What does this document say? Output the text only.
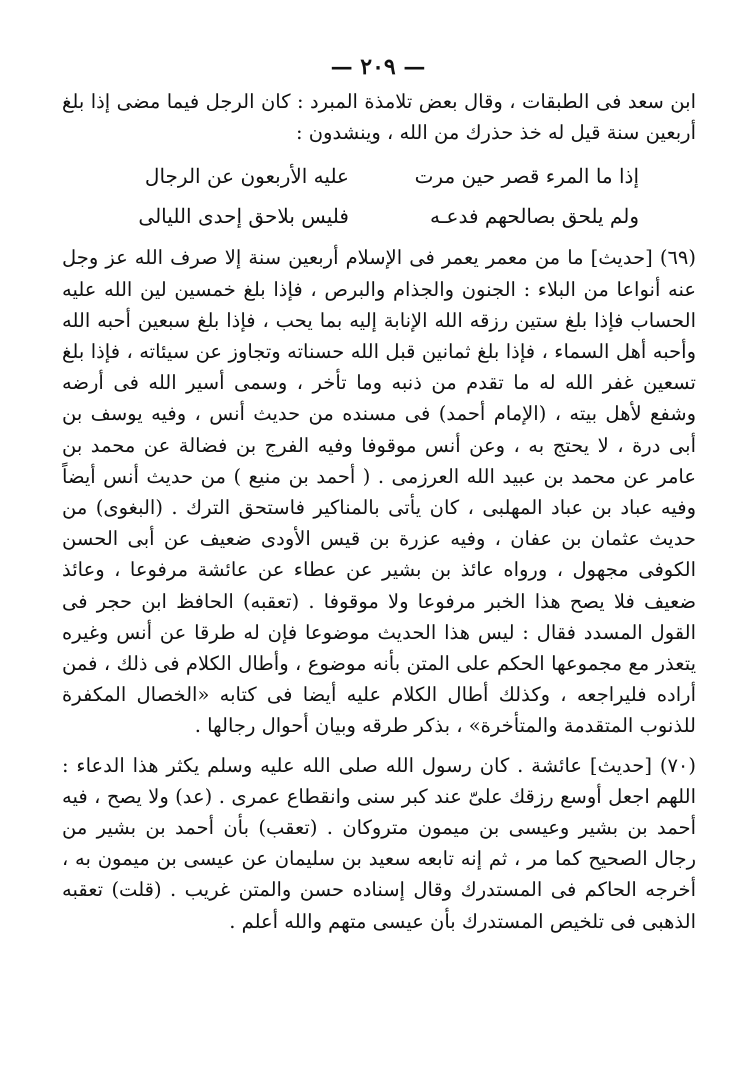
— ٢٠٩ —

ابن سعد فى الطبقات ، وقال بعض تلامذة المبرد : كان الرجل فيما مضى إذا بلغ أربعين سنة قيل له خذ حذرك من الله ، وينشدون :

إذا ما المرء قصر حين مرت
عليه الأربعون عن الرجال
ولم يلحق بصالحهم فدعـه
فليس بلاحق إحدى الليالى

(٦٩) [حديث] ما من معمر يعمر فى الإسلام أربعين سنة إلا صرف الله عز وجل عنه أنواعا من البلاء : الجنون والجذام والبرص ، فإذا بلغ خمسين لين الله عليه الحساب فإذا بلغ ستين رزقه الله الإنابة إليه بما يحب ، فإذا بلغ سبعين أحبه الله وأحبه أهل السماء ، فإذا بلغ ثمانين قبل الله حسناته وتجاوز عن سيئاته ، فإذا بلغ تسعين غفر الله له ما تقدم من ذنبه وما تأخر ، وسمى أسير الله فى أرضه وشفع لأهل بيته ، (الإمام أحمد) فى مسنده من حديث أنس ، وفيه يوسف بن أبى درة ، لا يحتج به ، وعن أنس موقوفا وفيه الفرج بن فضالة عن محمد بن عامر عن محمد بن عبيد الله العرزمى . ( أحمد بن منيع ) من حديث أنس أيضاً وفيه عباد بن عباد المهلبى ، كان يأتى بالمناكير فاستحق الترك . (البغوى) من حديث عثمان بن عفان ، وفيه عزرة بن قيس الأودى ضعيف عن أبى الحسن الكوفى مجهول ، ورواه عائذ بن بشير عن عطاء عن عائشة مرفوعا ، وعائذ ضعيف فلا يصح هذا الخبر مرفوعا ولا موقوفا . (تعقبه) الحافظ ابن حجر فى القول المسدد فقال : ليس هذا الحديث موضوعا فإن له طرقا عن أنس وغيره يتعذر مع مجموعها الحكم على المتن بأنه موضوع ، وأطال الكلام فى ذلك ، فمن أراده فليراجعه ، وكذلك أطال الكلام عليه أيضا فى كتابه «الخصال المكفرة للذنوب المتقدمة والمتأخرة» ، بذكر طرقه وبيان أحوال رجالها .

(٧٠) [حديث] عائشة . كان رسول الله صلى الله عليه وسلم يكثر هذا الدعاء : اللهم اجعل أوسع رزقك علىّ عند كبر سنى وانقطاع عمرى . (عد) ولا يصح ، فيه أحمد بن بشير وعيسى بن ميمون متروكان . (تعقب) بأن أحمد بن بشير من رجال الصحيح كما مر ، ثم إنه تابعه سعيد بن سليمان عن عيسى بن ميمون به ، أخرجه الحاكم فى المستدرك وقال إسناده حسن والمتن غريب . (قلت) تعقبه الذهبى فى تلخيص المستدرك بأن عيسى متهم والله أعلم .
